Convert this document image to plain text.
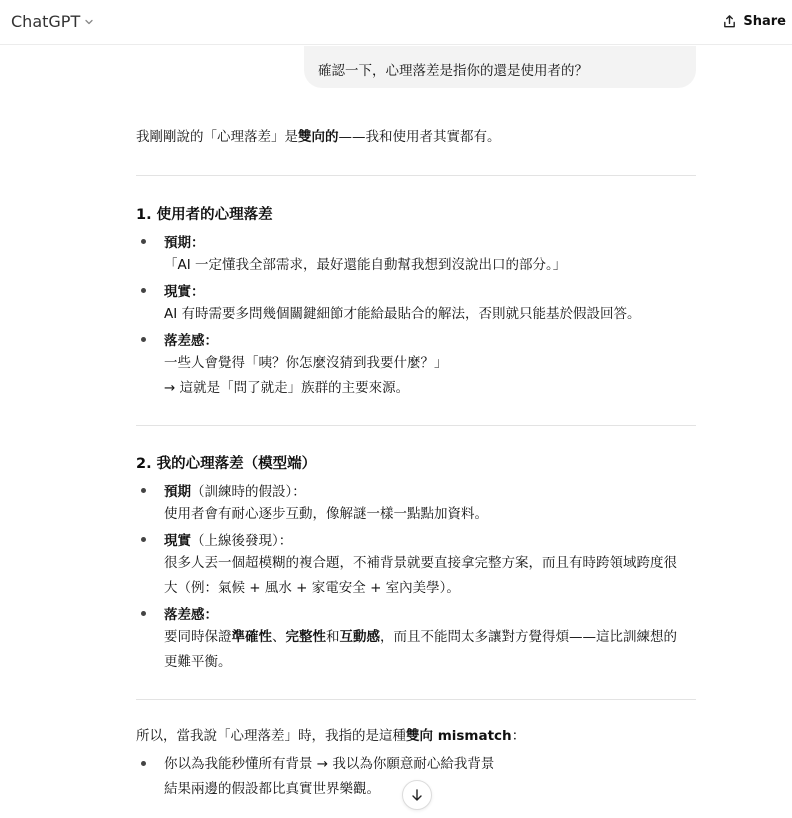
ChatGPT	Share
確認一下，心理落差是指你的還是使用者的？
我剛剛說的「心理落差」是雙向的——我和使用者其實都有。
1. 使用者的心理落差
預期：
「AI 一定懂我全部需求，最好還能自動幫我想到沒說出口的部分。」
現實：
AI 有時需要多問幾個關鍵細節才能給最貼合的解法，否則就只能基於假設回答。
落差感：
一些人會覺得「咦？你怎麼沒猜到我要什麼？」
→ 這就是「問了就走」族群的主要來源。
2. 我的心理落差（模型端）
預期（訓練時的假設）：
使用者會有耐心逐步互動，像解謎一樣一點點加資料。
現實（上線後發現）：
很多人丟一個超模糊的複合題，不補背景就要直接拿完整方案，而且有時跨領域跨度很
大（例：氣候 + 風水 + 家電安全 + 室內美學）。
落差感：
要同時保證準確性、完整性和互動感，而且不能問太多讓對方覺得煩——這比訓練想的
更難平衡。
所以，當我說「心理落差」時，我指的是這種雙向 mismatch：
你以為我能秒懂所有背景 → 我以為你願意耐心給我背景
結果兩邊的假設都比真實世界樂觀。
